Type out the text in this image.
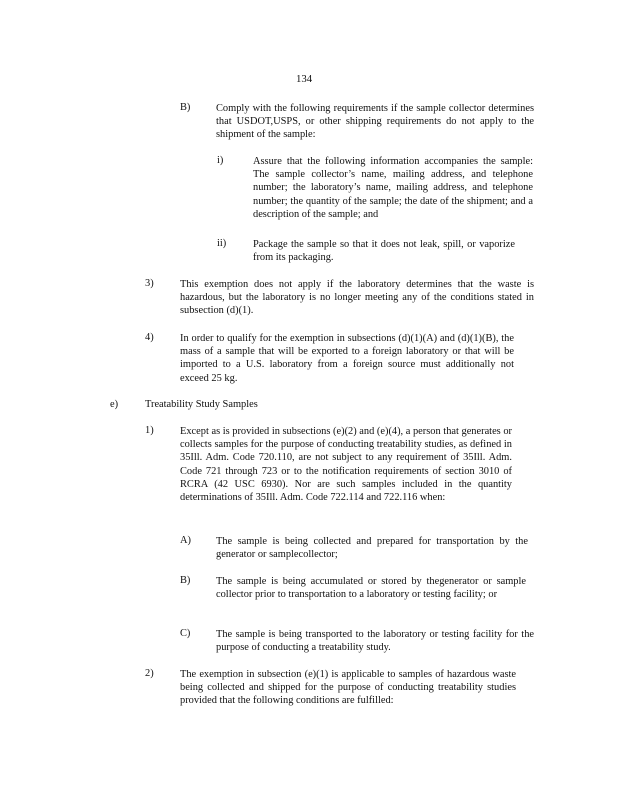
134
B) Comply with the following requirements if the sample collector determines that USDOT,USPS, or other shipping requirements do not apply to the shipment of the sample:
i)	Assure that the following information accompanies the sample: The sample collector’s name, mailing address, and telephone number; the laboratory’s name, mailing address, and telephone number; the quantity of the sample; the date of the shipment; and a description of the sample; and
ii)	Package the sample so that it does not leak, spill, or vaporize from its packaging.
3)	This exemption does not apply if the laboratory determines that the waste is hazardous, but the laboratory is no longer meeting any of the conditions stated in subsection (d)(1).
4)	In order to qualify for the exemption in subsections (d)(1)(A) and (d)(1)(B), the mass of a sample that will be exported to a foreign laboratory or that will be imported to a U.S. laboratory from a foreign source must additionally not exceed 25 kg.
e)	Treatability Study Samples
1)	Except as is provided in subsections (e)(2) and (e)(4), a person that generates or collects samples for the purpose of conducting treatability studies, as defined in 35Ill. Adm. Code 720.110, are not subject to any requirement of 35Ill. Adm. Code 721 through 723 or to the notification requirements of section 3010 of RCRA (42 USC 6930). Nor are such samples included in the quantity determinations of 35Ill. Adm. Code 722.114 and 722.116 when:
A) The sample is being collected and prepared for transportation by the generator or samplecollector;
B) The sample is being accumulated or stored by thegenerator or sample collector prior to transportation to a laboratory or testing facility; or
C) The sample is being transported to the laboratory or testing facility for the purpose of conducting a treatability study.
2)	The exemption in subsection (e)(1) is applicable to samples of hazardous waste being collected and shipped for the purpose of conducting treatability studies provided that the following conditions are fulfilled:
